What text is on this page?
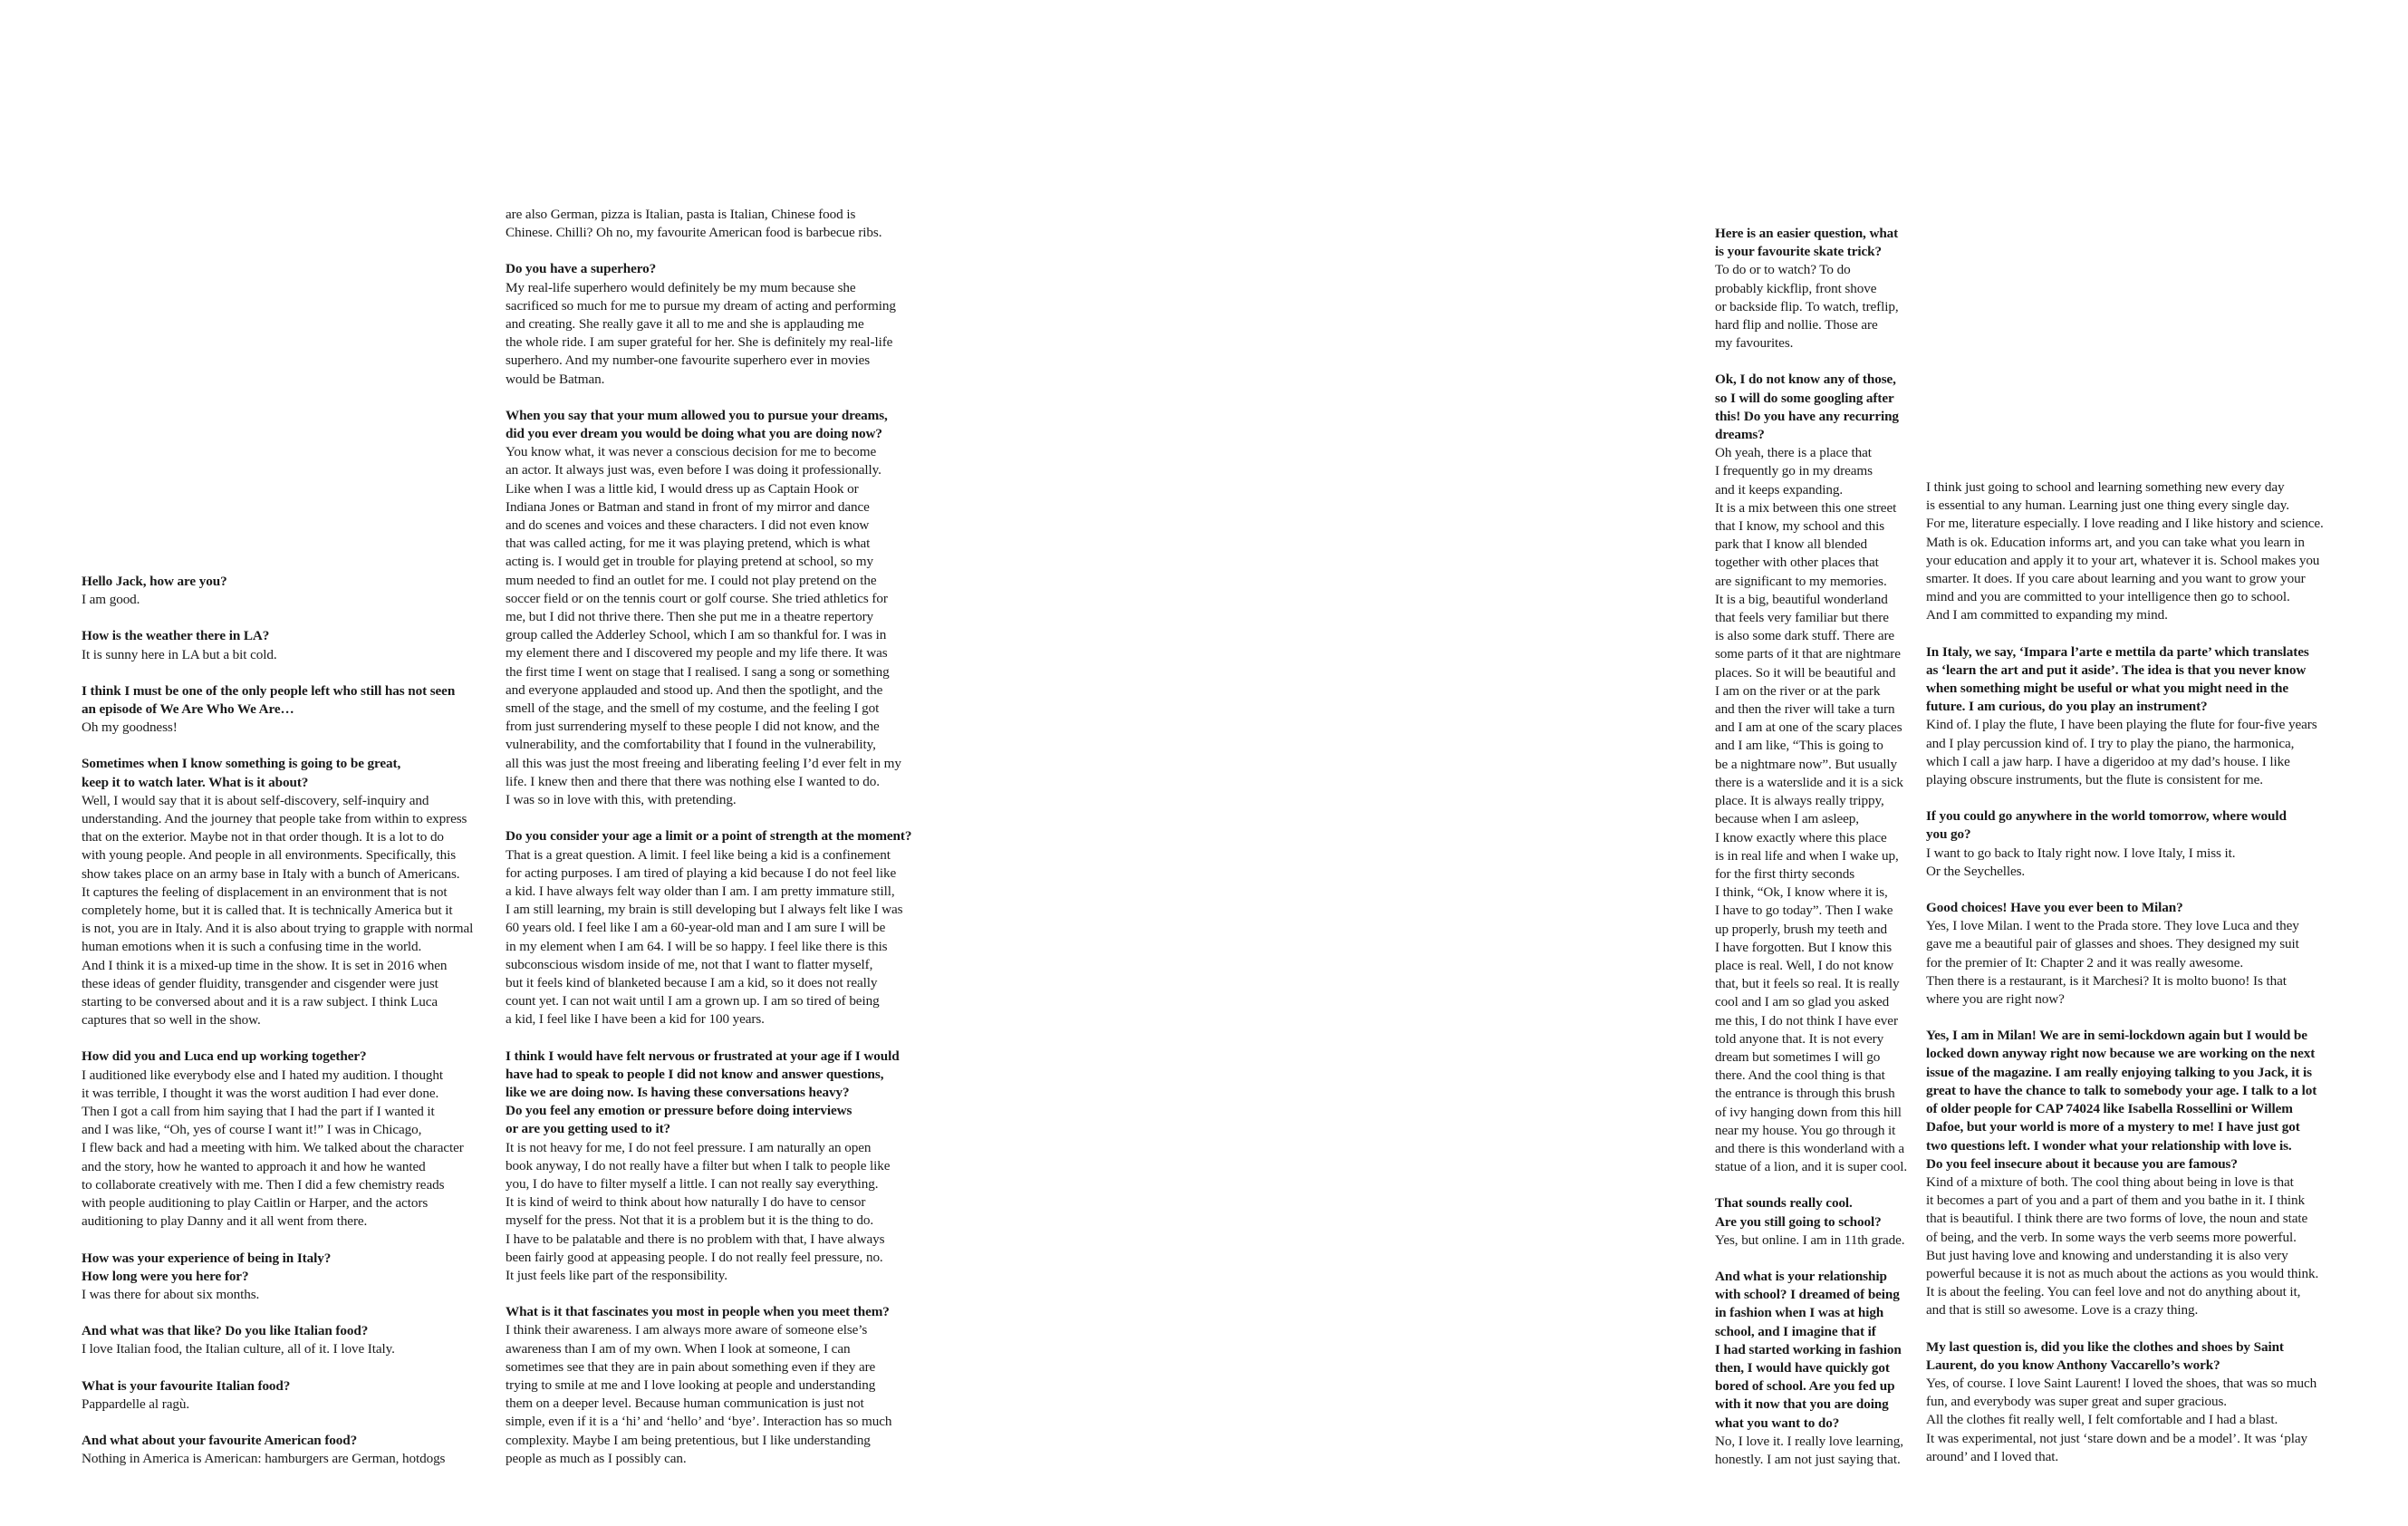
Hello Jack, how are you?
I am good.
How is the weather there in LA?
It is sunny here in LA but a bit cold.
I think I must be one of the only people left who still has not seen
an episode of We Are Who We Are…
Oh my goodness!
Sometimes when I know something is going to be great,
keep it to watch later. What is it about?
Well, I would say that it is about self-discovery, self-inquiry and
understanding. And the journey that people take from within to express
that on the exterior. Maybe not in that order though. It is a lot to do
with young people. And people in all environments. Specifically, this
show takes place on an army base in Italy with a bunch of Americans.
It captures the feeling of displacement in an environment that is not
completely home, but it is called that. It is technically America but it
is not, you are in Italy. And it is also about trying to grapple with normal
human emotions when it is such a confusing time in the world.
And I think it is a mixed-up time in the show. It is set in 2016 when
these ideas of gender fluidity, transgender and cisgender were just
starting to be conversed about and it is a raw subject. I think Luca
captures that so well in the show.
How did you and Luca end up working together?
I auditioned like everybody else and I hated my audition. I thought
it was terrible, I thought it was the worst audition I had ever done.
Then I got a call from him saying that I had the part if I wanted it
and I was like, “Oh, yes of course I want it!” I was in Chicago,
I flew back and had a meeting with him. We talked about the character
and the story, how he wanted to approach it and how he wanted
to collaborate creatively with me. Then I did a few chemistry reads
with people auditioning to play Caitlin or Harper, and the actors
auditioning to play Danny and it all went from there.
How was your experience of being in Italy?
How long were you here for?
I was there for about six months.
And what was that like? Do you like Italian food?
I love Italian food, the Italian culture, all of it. I love Italy.
What is your favourite Italian food?
Pappardelle al ragù.
And what about your favourite American food?
Nothing in America is American: hamburgers are German, hotdogs
are also German, pizza is Italian, pasta is Italian, Chinese food is
Chinese. Chilli? Oh no, my favourite American food is barbecue ribs.
Do you have a superhero?
My real-life superhero would definitely be my mum because she
sacrificed so much for me to pursue my dream of acting and performing
and creating. She really gave it all to me and she is applauding me
the whole ride. I am super grateful for her. She is definitely my real-life
superhero. And my number-one favourite superhero ever in movies
would be Batman.
When you say that your mum allowed you to pursue your dreams,
did you ever dream you would be doing what you are doing now?
You know what, it was never a conscious decision for me to become
an actor. It always just was, even before I was doing it professionally.
Like when I was a little kid, I would dress up as Captain Hook or
Indiana Jones or Batman and stand in front of my mirror and dance
and do scenes and voices and these characters. I did not even know
that was called acting, for me it was playing pretend, which is what
acting is. I would get in trouble for playing pretend at school, so my
mum needed to find an outlet for me. I could not play pretend on the
soccer field or on the tennis court or golf course. She tried athletics for
me, but I did not thrive there. Then she put me in a theatre repertory
group called the Adderley School, which I am so thankful for. I was in
my element there and I discovered my people and my life there. It was
the first time I went on stage that I realised. I sang a song or something
and everyone applauded and stood up. And then the spotlight, and the
smell of the stage, and the smell of my costume, and the feeling I got
from just surrendering myself to these people I did not know, and the
vulnerability, and the comfortability that I found in the vulnerability,
all this was just the most freeing and liberating feeling I’d ever felt in my
life. I knew then and there that there was nothing else I wanted to do.
I was so in love with this, with pretending.
Do you consider your age a limit or a point of strength at the moment?
That is a great question. A limit. I feel like being a kid is a confinement
for acting purposes. I am tired of playing a kid because I do not feel like
a kid. I have always felt way older than I am. I am pretty immature still,
I am still learning, my brain is still developing but I always felt like I was
60 years old. I feel like I am a 60-year-old man and I am sure I will be
in my element when I am 64. I will be so happy. I feel like there is this
subconscious wisdom inside of me, not that I want to flatter myself,
but it feels kind of blanketed because I am a kid, so it does not really
count yet. I can not wait until I am a grown up. I am so tired of being
a kid, I feel like I have been a kid for 100 years.
I think I would have felt nervous or frustrated at your age if I would
have had to speak to people I did not know and answer questions,
like we are doing now. Is having these conversations heavy?
Do you feel any emotion or pressure before doing interviews
or are you getting used to it?
It is not heavy for me, I do not feel pressure. I am naturally an open
book anyway, I do not really have a filter but when I talk to people like
you, I do have to filter myself a little. I can not really say everything.
It is kind of weird to think about how naturally I do have to censor
myself for the press. Not that it is a problem but it is the thing to do.
I have to be palatable and there is no problem with that, I have always
been fairly good at appeasing people. I do not really feel pressure, no.
It just feels like part of the responsibility.
What is it that fascinates you most in people when you meet them?
I think their awareness. I am always more aware of someone else’s
awareness than I am of my own. When I look at someone, I can
sometimes see that they are in pain about something even if they are
trying to smile at me and I love looking at people and understanding
them on a deeper level. Because human communication is just not
simple, even if it is a ‘hi’ and ‘hello’ and ‘bye’. Interaction has so much
complexity. Maybe I am being pretentious, but I like understanding
people as much as I possibly can.
Here is an easier question, what
is your favourite skate trick?
To do or to watch? To do
probably kickflip, front shove
or backside flip. To watch, treflip,
hard flip and nollie. Those are
my favourites.
Ok, I do not know any of those,
so I will do some googling after
this! Do you have any recurring
dreams?
Oh yeah, there is a place that
I frequently go in my dreams
and it keeps expanding.
It is a mix between this one street
that I know, my school and this
park that I know all blended
together with other places that
are significant to my memories.
It is a big, beautiful wonderland
that feels very familiar but there
is also some dark stuff. There are
some parts of it that are nightmare
places. So it will be beautiful and
I am on the river or at the park
and then the river will take a turn
and I am at one of the scary places
and I am like, “This is going to
be a nightmare now”. But usually
there is a waterslide and it is a sick
place. It is always really trippy,
because when I am asleep,
I know exactly where this place
is in real life and when I wake up,
for the first thirty seconds
I think, “Ok, I know where it is,
I have to go today”. Then I wake
up properly, brush my teeth and
I have forgotten. But I know this
place is real. Well, I do not know
that, but it feels so real. It is really
cool and I am so glad you asked
me this, I do not think I have ever
told anyone that. It is not every
dream but sometimes I will go
there. And the cool thing is that
the entrance is through this brush
of ivy hanging down from this hill
near my house. You go through it
and there is this wonderland with a
statue of a lion, and it is super cool.
That sounds really cool.
Are you still going to school?
Yes, but online. I am in 11th grade.
And what is your relationship
with school? I dreamed of being
in fashion when I was at high
school, and I imagine that if
I had started working in fashion
then, I would have quickly got
bored of school. Are you fed up
with it now that you are doing
what you want to do?
No, I love it. I really love learning,
honestly. I am not just saying that.
I think just going to school and learning something new every day
is essential to any human. Learning just one thing every single day.
For me, literature especially. I love reading and I like history and science.
Math is ok. Education informs art, and you can take what you learn in
your education and apply it to your art, whatever it is. School makes you
smarter. It does. If you care about learning and you want to grow your
mind and you are committed to your intelligence then go to school.
And I am committed to expanding my mind.
In Italy, we say, ‘Impara l’arte e mettila da parte’ which translates
as ‘learn the art and put it aside’. The idea is that you never know
when something might be useful or what you might need in the
future. I am curious, do you play an instrument?
Kind of. I play the flute, I have been playing the flute for four-five years
and I play percussion kind of. I try to play the piano, the harmonica,
which I call a jaw harp. I have a digeridoo at my dad’s house. I like
playing obscure instruments, but the flute is consistent for me.
If you could go anywhere in the world tomorrow, where would
you go?
I want to go back to Italy right now. I love Italy, I miss it.
Or the Seychelles.
Good choices! Have you ever been to Milan?
Yes, I love Milan. I went to the Prada store. They love Luca and they
gave me a beautiful pair of glasses and shoes. They designed my suit
for the premier of It: Chapter 2 and it was really awesome.
Then there is a restaurant, is it Marchesi? It is molto buono! Is that
where you are right now?
Yes, I am in Milan! We are in semi-lockdown again but I would be
locked down anyway right now because we are working on the next
issue of the magazine. I am really enjoying talking to you Jack, it is
great to have the chance to talk to somebody your age. I talk to a lot
of older people for CAP 74024 like Isabella Rossellini or Willem
Dafoe, but your world is more of a mystery to me! I have just got
two questions left. I wonder what your relationship with love is.
Do you feel insecure about it because you are famous?
Kind of a mixture of both. The cool thing about being in love is that
it becomes a part of you and a part of them and you bathe in it. I think
that is beautiful. I think there are two forms of love, the noun and state
of being, and the verb. In some ways the verb seems more powerful.
But just having love and knowing and understanding it is also very
powerful because it is not as much about the actions as you would think.
It is about the feeling. You can feel love and not do anything about it,
and that is still so awesome. Love is a crazy thing.
My last question is, did you like the clothes and shoes by Saint
Laurent, do you know Anthony Vaccarello’s work?
Yes, of course. I love Saint Laurent! I loved the shoes, that was so much
fun, and everybody was super great and super gracious.
All the clothes fit really well, I felt comfortable and I had a blast.
It was experimental, not just ‘stare down and be a model’. It was ‘play
around’ and I loved that.
